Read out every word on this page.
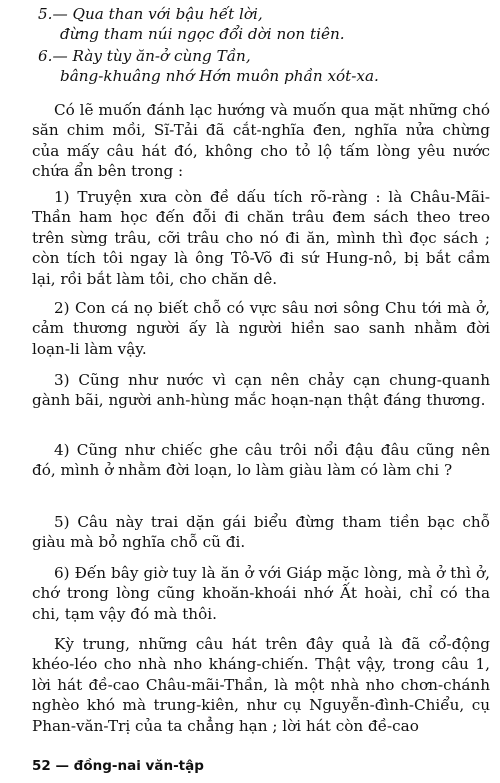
5.— Qua than với bậu hết lời,
đừng tham núi ngọc đổi dời non tiên.
6.— Rày tùy ăn-ở cùng Tần,
bâng-khuâng nhớ Hớn muôn phần xót-xa.
Có lẽ muốn đánh lạc hướng và muốn qua mặt những chó săn chim mồi, Sĩ-Tải đã cắt-nghĩa đen, nghĩa nửa chừng của mấy câu hát đó, không cho tỏ lộ tấm lòng yêu nước chứa ẩn bên trong :
1) Truyện xưa còn đề dấu tích rõ-ràng : là Châu-Mãi-Thần ham học đến đỗi đi chăn trâu đem sách theo treo trên sừng trâu, cỡi trâu cho nó đi ăn, mình thì đọc sách ; còn tích tôi ngay là ông Tô-Võ đi sứ Hung-nô, bị bắt cầm lại, rồi bắt làm tôi, cho chăn dê.
2) Con cá nọ biết chỗ có vực sâu nơi sông Chu tới mà ở, cảm thương người ấy là người hiền sao sanh nhằm đời loạn-li làm vậy.
3) Cũng như nước vì cạn nên chảy cạn chung-quanh gành bãi, người anh-hùng mắc hoạn-nạn thật đáng thương.
4) Cũng như chiếc ghe câu trôi nổi đậu đâu cũng nên đó, mình ở nhằm đời loạn, lo làm giàu làm có làm chi ?
5) Câu này trai dặn gái biểu đừng tham tiền bạc chỗ giàu mà bỏ nghĩa chỗ cũ đi.
6) Đến bây giờ tuy là ăn ở với Giáp mặc lòng, mà ở thì ở, chớ trong lòng cũng khoăn-khoái nhớ Ất hoài, chỉ có tha chi, tạm vậy đó mà thôi.
Kỳ trung, những câu hát trên đây quả là đã cổ-động khéo-léo cho nhà nho kháng-chiến. Thật vậy, trong câu 1, lời hát đề-cao Châu-mãi-Thần, là một nhà nho chơn-chánh nghèo khó mà trung-kiên, như cụ Nguyễn-đình-Chiểu, cụ Phan-văn-Trị của ta chẳng hạn ; lời hát còn đề-cao
52 — đồng-nai văn-tập
